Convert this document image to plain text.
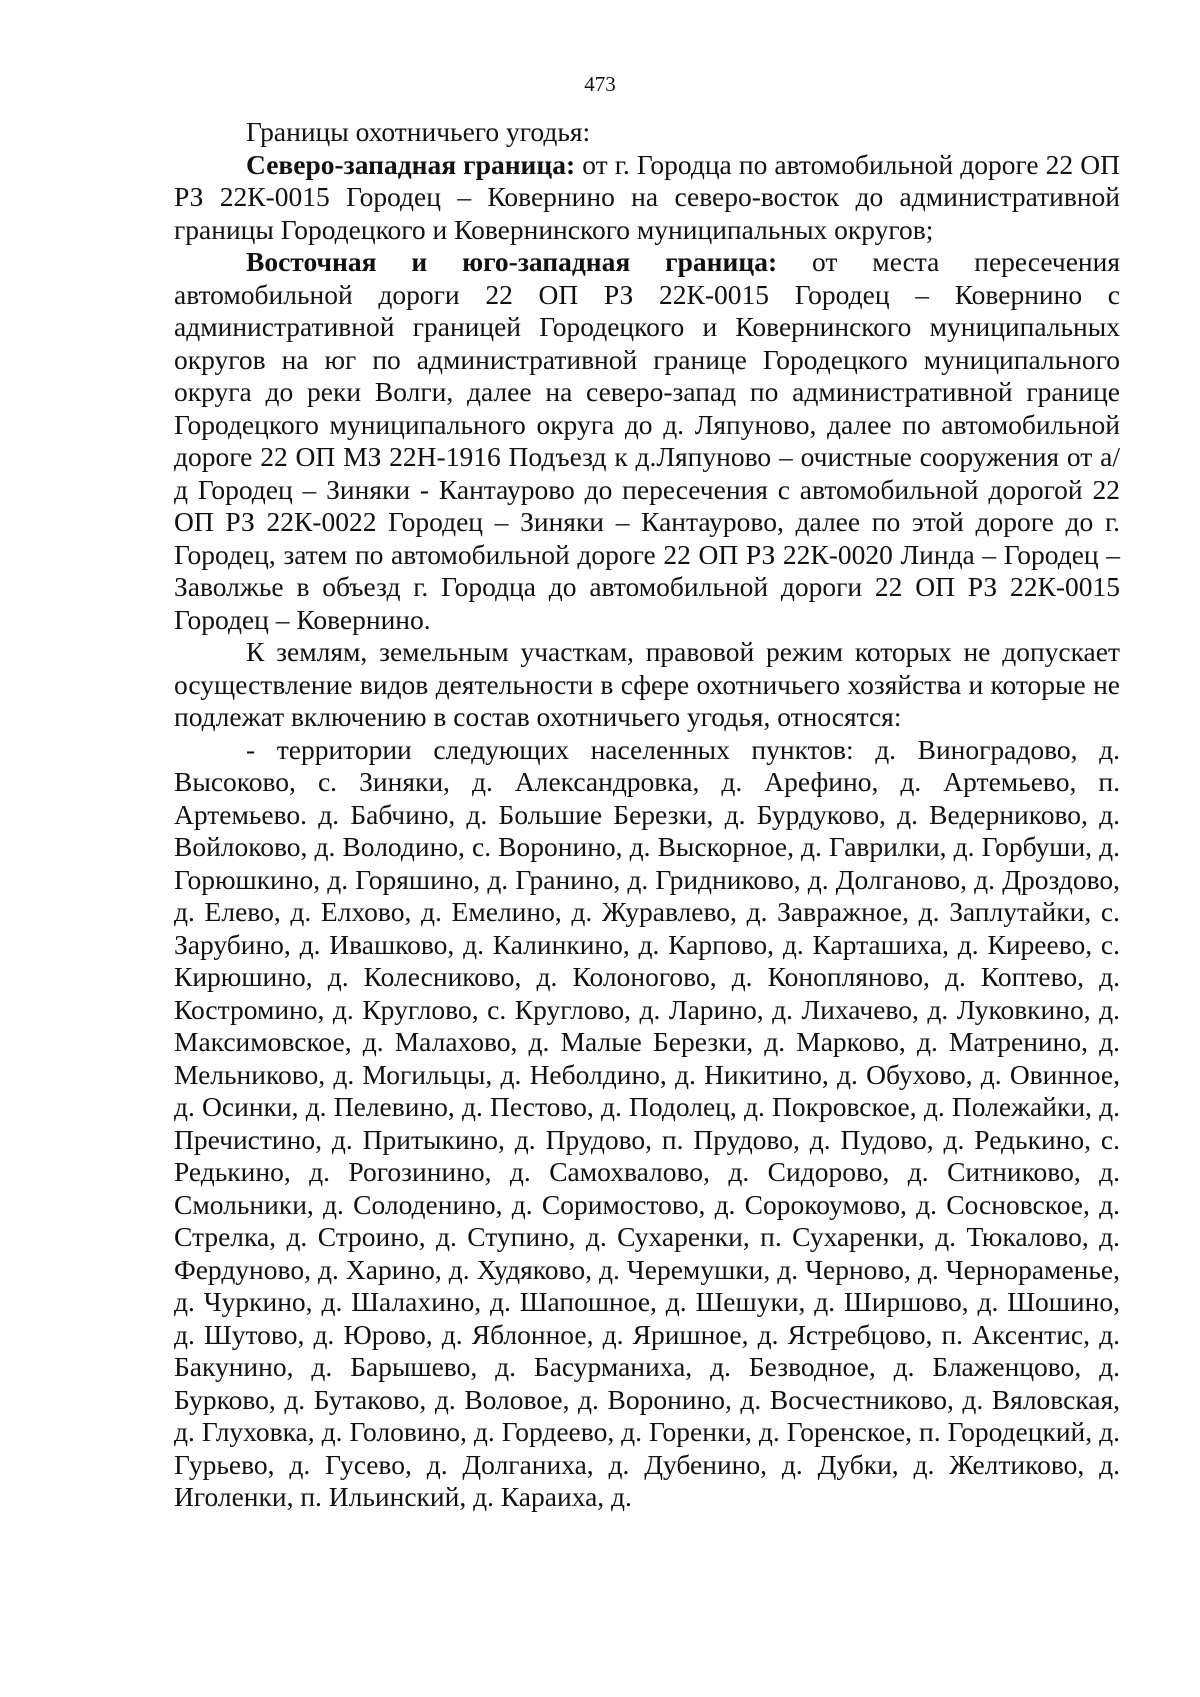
473

Границы охотничьего угодья:

Северо-западная граница: от г. Городца по автомобильной дороге 22 ОП РЗ 22К-0015 Городец – Ковернино на северо-восток до административной границы Городецкого и Ковернинского муниципальных округов;

Восточная и юго-западная граница: от места пересечения автомобильной дороги 22 ОП РЗ 22К-0015 Городец – Ковернино с административной границей Городецкого и Ковернинского муниципальных округов на юг по административной границе Городецкого муниципального округа до реки Волги, далее на северо-запад по административной границе Городецкого муниципального округа до д. Ляпуново, далее по автомобильной дороге 22 ОП МЗ 22Н-1916 Подъезд к д.Ляпуново – очистные сооружения от а/д Городец – Зиняки - Кантаурово до пересечения с автомобильной дорогой 22 ОП РЗ 22К-0022 Городец – Зиняки – Кантаурово, далее по этой дороге до г. Городец, затем по автомобильной дороге 22 ОП РЗ 22К-0020 Линда – Городец – Заволжье в объезд г. Городца до автомобильной дороги 22 ОП РЗ 22К-0015 Городец – Ковернино.

К землям, земельным участкам, правовой режим которых не допускает осуществление видов деятельности в сфере охотничьего хозяйства и которые не подлежат включению в состав охотничьего угодья, относятся:

- территории следующих населенных пунктов: д. Виноградово, д. Высоково, с. Зиняки, д. Александровка, д. Арефино, д. Артемьево, п. Артемьево. д. Бабчино, д. Большие Березки, д. Бурдуково, д. Ведерниково, д. Войлоково, д. Володино, с. Воронино, д. Выскорное, д. Гаврилки, д. Горбуши, д. Горюшкино, д. Горяшино, д. Гранино, д. Гридниково, д. Долганово, д. Дроздово, д. Елево, д. Елхово, д. Емелино, д. Журавлево, д. Завражное, д. Заплутайки, с. Зарубино, д. Ивашково, д. Калинкино, д. Карпово, д. Карташиха, д. Киреево, с. Кирюшино, д. Колесниково, д. Колоногово, д. Конопляново, д. Коптево, д. Костромино, д. Круглово, с. Круглово, д. Ларино, д. Лихачево, д. Луковкино, д. Максимовское, д. Малахово, д. Малые Березки, д. Марково, д. Матренино, д. Мельниково, д. Могильцы, д. Неболдино, д. Никитино, д. Обухово, д. Овинное, д. Осинки, д. Пелевино, д. Пестово, д. Подолец, д. Покровское, д. Полежайки, д. Пречистино, д. Притыкино, д. Прудово, п. Прудово, д. Пудово, д. Редькино, с. Редькино, д. Рогозинино, д. Самохвалово, д. Сидорово, д. Ситниково, д. Смольники, д. Солоденино, д. Соримостово, д. Сорокоумово, д. Сосновское, д. Стрелка, д. Строино, д. Ступино, д. Сухаренки, п. Сухаренки, д. Тюкалово, д. Фердуново, д. Харино, д. Худяково, д. Черемушки, д. Черново, д. Чернораменье, д. Чуркино, д. Шалахино, д. Шапошное, д. Шешуки, д. Ширшово, д. Шошино, д. Шутово, д. Юрово, д. Яблонное, д. Яришное, д. Ястребцово, п. Аксентис, д. Бакунино, д. Барышево, д. Басурманиха, д. Безводное, д. Блаженцово, д. Бурково, д. Бутаково, д. Воловое, д. Воронино, д. Восчестниково, д. Вяловская, д. Глуховка, д. Головино, д. Гордеево, д. Горенки, д. Горенское, п. Городецкий, д. Гурьево, д. Гусево, д. Долганиха, д. Дубенино, д. Дубки, д. Желтиково, д. Иголенки, п. Ильинский, д. Караиха, д.
